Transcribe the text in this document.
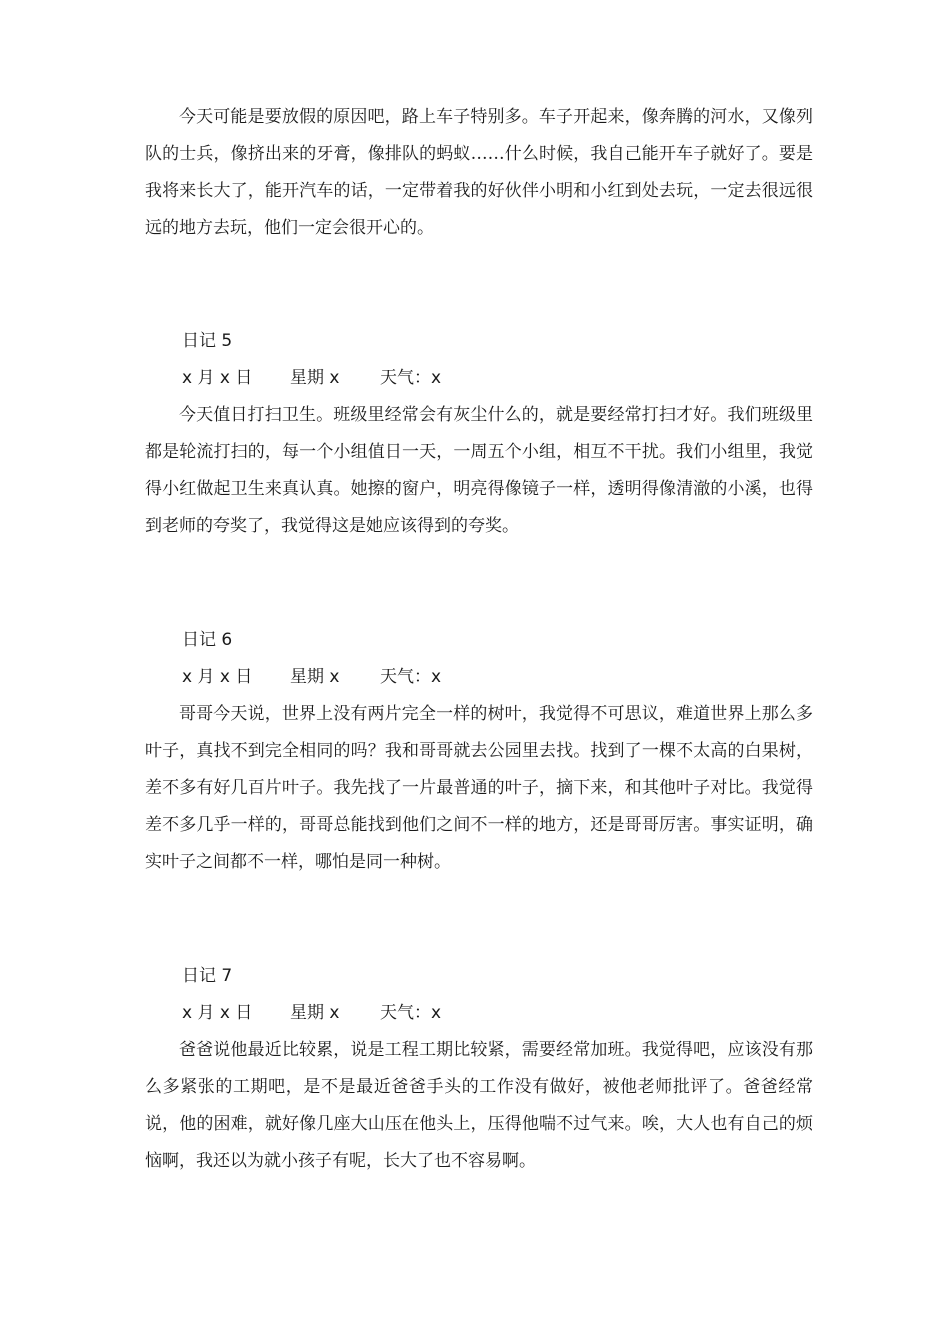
今天可能是要放假的原因吧，路上车子特别多。车子开起来，像奔腾的河水，又像列队的士兵，像挤出来的牙膏，像排队的蚂蚁……什么时候，我自己能开车子就好了。要是我将来长大了，能开汽车的话，一定带着我的好伙伴小明和小红到处去玩，一定去很远很远的地方去玩，他们一定会很开心的。

日记 5
x 月 x 日 星期 x 天气：x

今天值日打扫卫生。班级里经常会有灰尘什么的，就是要经常打扫才好。我们班级里都是轮流打扫的，每一个小组值日一天，一周五个小组，相互不干扰。我们小组里，我觉得小红做起卫生来真认真。她擦的窗户，明亮得像镜子一样，透明得像清澈的小溪，也得到老师的夸奖了，我觉得这是她应该得到的夸奖。

日记 6
x 月 x 日 星期 x 天气：x

哥哥今天说，世界上没有两片完全一样的树叶，我觉得不可思议，难道世界上那么多叶子，真找不到完全相同的吗？我和哥哥就去公园里去找。找到了一棵不太高的白果树，差不多有好几百片叶子。我先找了一片最普通的叶子，摘下来，和其他叶子对比。我觉得差不多几乎一样的，哥哥总能找到他们之间不一样的地方，还是哥哥厉害。事实证明，确实叶子之间都不一样，哪怕是同一种树。

日记 7
x 月 x 日 星期 x 天气：x

爸爸说他最近比较累，说是工程工期比较紧，需要经常加班。我觉得吧，应该没有那么多紧张的工期吧，是不是最近爸爸手头的工作没有做好，被他老师批评了。爸爸经常说，他的困难，就好像几座大山压在他头上，压得他喘不过气来。唉，大人也有自己的烦恼啊，我还以为就小孩子有呢，长大了也不容易啊。
